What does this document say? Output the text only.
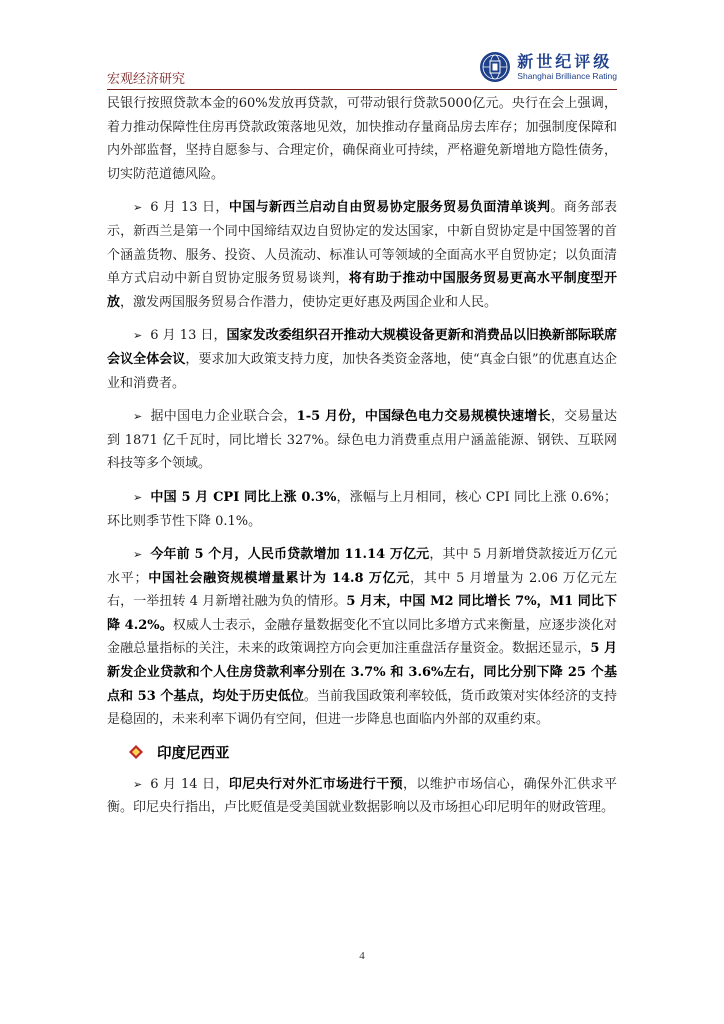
宏观经济研究
新世纪评级
Shanghai Brilliance Rating

民银行按照贷款本金的60%发放再贷款，可带动银行贷款5000亿元。央行在会上强调，着力推动保障性住房再贷款政策落地见效，加快推动存量商品房去库存；加强制度保障和内外部监督，坚持自愿参与、合理定价，确保商业可持续，严格避免新增地方隐性债务，切实防范道德风险。

➢ 6 月 13 日，中国与新西兰启动自由贸易协定服务贸易负面清单谈判。商务部表示，新西兰是第一个同中国缔结双边自贸协定的发达国家，中新自贸协定是中国签署的首个涵盖货物、服务、投资、人员流动、标准认可等领域的全面高水平自贸协定；以负面清单方式启动中新自贸协定服务贸易谈判，将有助于推动中国服务贸易更高水平制度型开放，激发两国服务贸易合作潜力，使协定更好惠及两国企业和人民。

➢ 6 月 13 日，国家发改委组织召开推动大规模设备更新和消费品以旧换新部际联席会议全体会议，要求加大政策支持力度，加快各类资金落地，使“真金白银”的优惠直达企业和消费者。

➢ 据中国电力企业联合会，1-5 月份，中国绿色电力交易规模快速增长，交易量达到 1871 亿千瓦时，同比增长 327%。绿色电力消费重点用户涵盖能源、钢铁、互联网科技等多个领域。

➢ 中国 5 月 CPI 同比上涨 0.3%，涨幅与上月相同，核心 CPI 同比上涨 0.6%；环比则季节性下降 0.1%。

➢ 今年前 5 个月，人民币贷款增加 11.14 万亿元，其中 5 月新增贷款接近万亿元水平；中国社会融资规模增量累计为 14.8 万亿元，其中 5 月增量为 2.06 万亿元左右，一举扭转 4 月新增社融为负的情形。5 月末，中国 M2 同比增长 7%，M1 同比下降 4.2%。权威人士表示，金融存量数据变化不宜以同比多增方式来衡量，应逐步淡化对金融总量指标的关注，未来的政策调控方向会更加注重盘活存量资金。数据还显示，5 月新发企业贷款和个人住房贷款利率分别在 3.7% 和 3.6%左右，同比分别下降 25 个基点和 53 个基点，均处于历史低位。当前我国政策利率较低，货币政策对实体经济的支持是稳固的，未来利率下调仍有空间，但进一步降息也面临内外部的双重约束。

印度尼西亚

➢ 6 月 14 日，印尼央行对外汇市场进行干预，以维护市场信心，确保外汇供求平衡。印尼央行指出，卢比贬值是受美国就业数据影响以及市场担心印尼明年的财政管理。

4
